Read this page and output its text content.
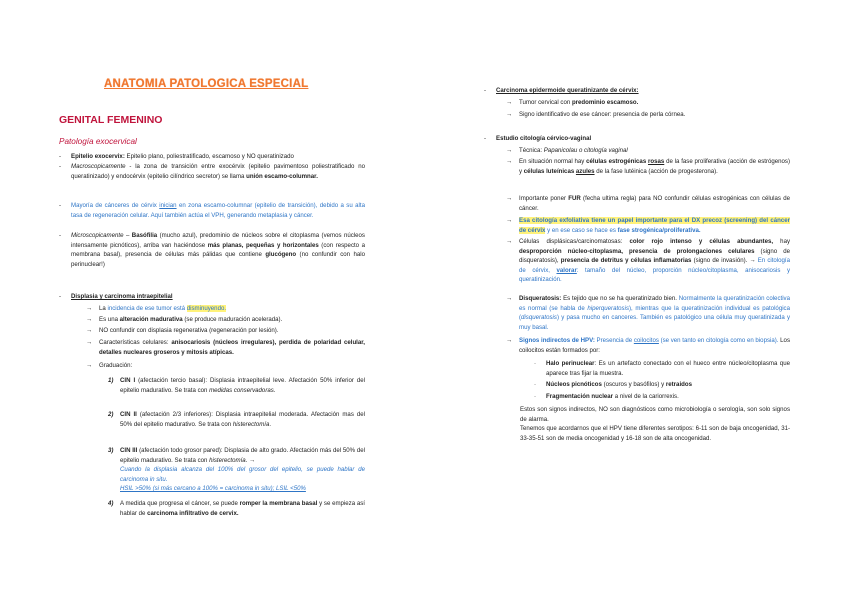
ANATOMIA PATOLOGICA ESPECIAL
GENITAL FEMENINO
Patología exocervical
- Epitelio exocervix: Epitelio plano, poliestratificado, escamoso y NO queratinizado
- Macroscopicamente - la zona de transición entre exocérvix (epitelio pavimentoso poliestratificado no queratinizado) y endocérvix (epitelio cilíndrico secretor) se llama unión escamo-columnar.
- Mayoría de cánceres de cérvix inician en zona escamo-columnar (epitelio de transición), debido a su alta tasa de regeneración celular. Aquí también actúa el VPH, generando metaplasia y cáncer.
- Microscopicamente – Basófilia (mucho azul), predominio de núcleos sobre el citoplasma (vemos núcleos intensamente picnóticos), arriba van haciéndose más planas, pequeñas y horizontales (con respecto a membrana basal), presencia de células más pálidas que contiene glucógeno (no confundir con halo perinuclear!)
- Displasia y carcinoma intraepitelial
→ La incidencia de ese tumor está disminuyendo.
→ Es una alteración madurativa (se produce maduración acelerada).
→ NO confundir con displasia regenerativa (regeneración por lesión).
→ Características celulares: anisocariosis (núcleos irregulares), perdida de polaridad celular, detalles nucleares groseros y mitosis atípicas.
→ Graduación:
1) CIN I (afectación tercio basal): Displasia intraepitelial leve. Afectación 50% inferior del epitelio madurativo. Se trata con medidas conservadoras.
2) CIN II (afectación 2/3 inferiores): Displasia intraepitelial moderada. Afectación mas del 50% del epitelio madurativo. Se trata con histerectomía.
3) CIN III (afectación todo grosor pared): Displasia de alto grado. Afectación más del 50% del epitelio madurativo. Se trata con histerectomía. →
Cuando la displasia alcanza del 100% del grosor del epitelio, se puede hablar de carcinoma in situ.
HSIL >50% (si más cercano a 100% = carcinoma in situ); LSIL <50%
4) A medida que progresa el cáncer, se puede romper la membrana basal y se empieza así hablar de carcinoma infiltrativo de cervix.
- Carcinoma epidermoide queratinizante de cérvix:
→ Tumor cervical con predominio escamoso.
→ Signo identificativo de ese cáncer: presencia de perla córnea.
- Estudio citología cérvico-vaginal
→ Técnica: Papanicolau o citología vaginal
→ En situación normal hay células estrogénicas rosas de la fase proliferativa (acción de estrógenos) y células luteínicas azules de la fase lutéinica (acción de progesterona).
→ Importante poner FUR (fecha ultima regla) para NO confundir células estrogénicas con células de cáncer.
→ Esa citología exfoliativa tiene un papel importante para el DX precoz (screening) del cáncer de cérvix y en ese caso se hace es fase strogénica/proliferativa.
→ Células displásicas/carcinomatosas: color rojo intenso y células abundantes, hay desproporción núcleo-citoplasma, presencia de prolongaciones celulares (signo de disqueratosis), presencia de detritus y células inflamatorias (signo de invasión). → En citología de cérvix, valorar: tamaño del núcleo, proporción núcleo/citoplasma, anisocariosis y queratinización.
→ Disqueratosis: Es tejido que no se ha queratinizado bien. Normalmente la queratinización colectiva es normal (se habla de hiperqueratosis), mientras que la queratinización individual es patológica (disqueratosis) y pasa mucho en canceres. También es patológico una célula muy queratinizada y muy basal.
→ Signos indirectos de HPV: Presencia de coilocitos (se ven tanto en citología como en biopsia). Los coilocitos están formados por:
· Halo perinuclear: Es un artefacto conectado con el hueco entre núcleo/citoplasma que aparece tras fijar la muestra.
· Núcleos picnóticos (oscuros y basófilos) y retraidos
· Fragmentación nuclear a nivel de la cariorrexis.
Estos son signos indirectos, NO son diagnósticos como microbiología o serología, son solo signos de alarma.
Tenemos que acordarnos que el HPV tiene diferentes serotipos: 6-11 son de baja oncogenidad, 31-33-35-51 son de media oncogenidad y 16-18 son de alta oncogenidad.
